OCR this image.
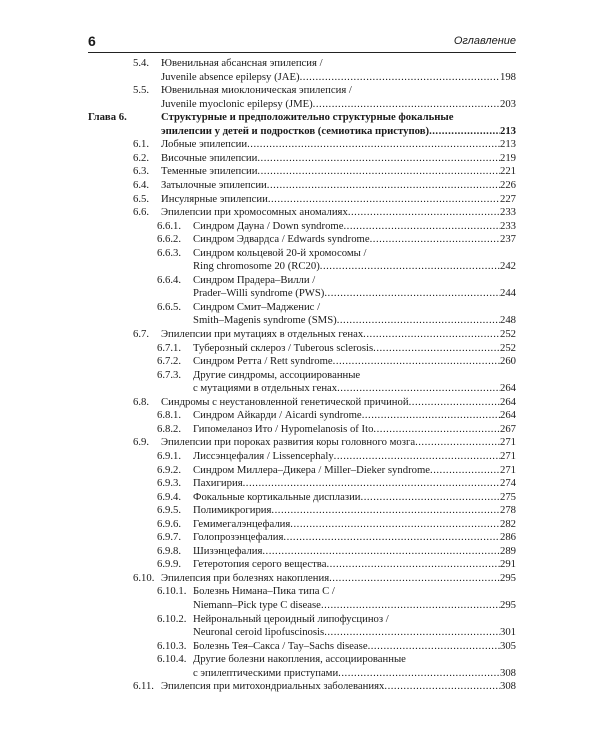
6	Оглавление
5.4. Ювенильная абсансная эпилепсия /
Juvenile absence epilepsy (JAE) .....	198
5.5. Ювенильная миоклоническая эпилепсия /
Juvenile myoclonic epilepsy (JME) .....	203
Глава 6.	Структурные и предположительно структурные фокальные
эпилепсии у детей и подростков (семиотика приступов) .....	213
6.1. Лобные эпилепсии .....	213
6.2. Височные эпилепсии .....	219
6.3. Теменные эпилепсии .....	221
6.4. Затылочные эпилепсии .....	226
6.5. Инсулярные эпилепсии .....	227
6.6. Эпилепсии при хромосомных аномалиях .....	233
6.6.1. Синдром Дауна / Down syndrome .....	233
6.6.2. Синдром Эдвардса / Edwards syndrome .....	237
6.6.3. Синдром кольцевой 20-й хромосомы /
Ring chromosome 20 (RC20) .....	242
6.6.4. Синдром Прадера–Вилли /
Prader–Willi syndrome (PWS) .....	244
6.6.5. Синдром Смит–Мадженис /
Smith–Magenis syndrome (SMS) .....	248
6.7. Эпилепсии при мутациях в отдельных генах .....	252
6.7.1. Туберозный склероз / Tuberous sclerosis .....	252
6.7.2. Синдром Ретта / Rett syndrome .....	260
6.7.3. Другие синдромы, ассоциированные
с мутациями в отдельных генах .....	264
6.8. Синдромы с неустановленной генетической причиной .....	264
6.8.1. Синдром Айкарди / Aicardi syndrome .....	264
6.8.2. Гипомеланоз Ито / Hypomelanosis of Ito .....	267
6.9. Эпилепсии при пороках развития коры головного мозга .....	271
6.9.1. Лиссэнцефалия / Lissencephaly .....	271
6.9.2. Синдром Миллера–Дикера / Miller–Dieker syndrome .....	271
6.9.3. Пахигирия .....	274
6.9.4. Фокальные кортикальные дисплазии .....	275
6.9.5. Полимикрогирия .....	278
6.9.6. Гемимегалэнцефалия .....	282
6.9.7. Голопрозэнцефалия .....	286
6.9.8. Шизэнцефалия .....	289
6.9.9. Гетеротопия серого вещества .....	291
6.10. Эпилепсия при болезнях накопления .....	295
6.10.1. Болезнь Нимана–Пика типа С /
Niemann–Pick type C disease .....	295
6.10.2. Нейрональный цероидный липофусциноз /
Neuronal ceroid lipofuscinosis .....	301
6.10.3. Болезнь Тея–Сакса / Tay–Sachs disease .....	305
6.10.4. Другие болезни накопления, ассоциированные
с эпилептическими приступами .....	308
6.11. Эпилепсия при митохондриальных заболеваниях .....	308
